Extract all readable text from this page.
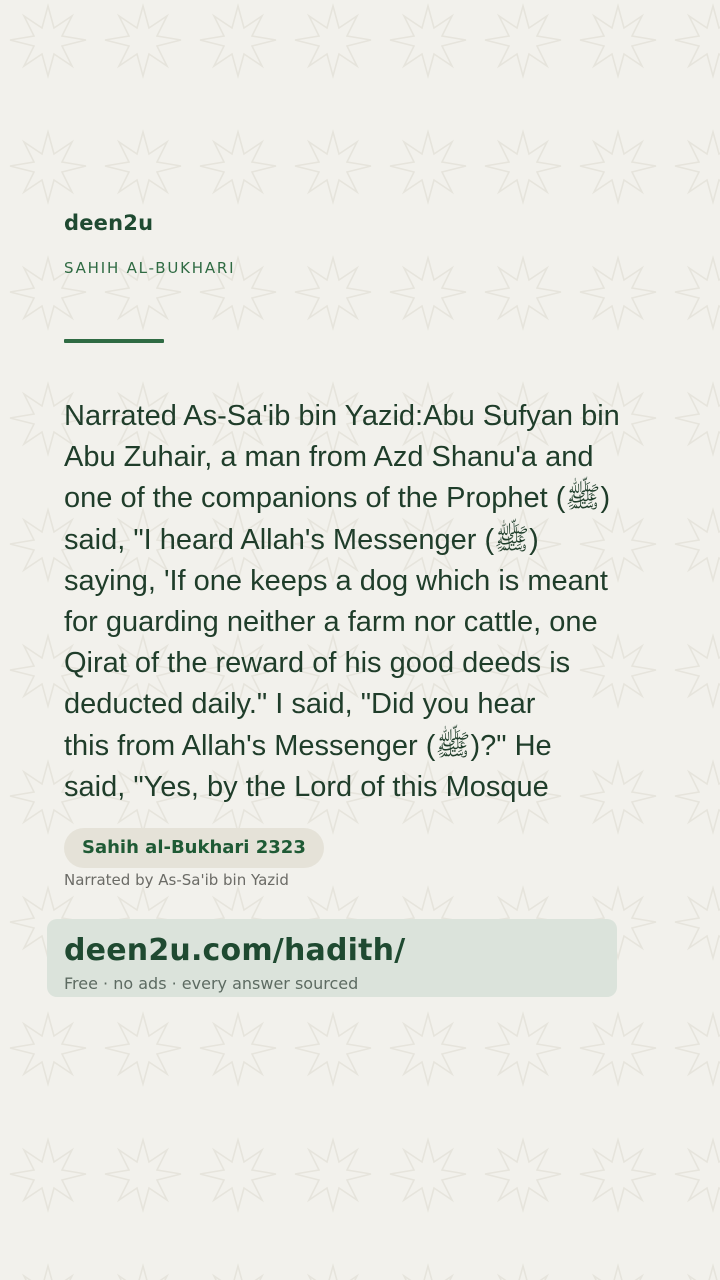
deen2u
SAHIH AL-BUKHARI
Narrated As-Sa'ib bin Yazid:Abu Sufyan bin
Abu Zuhair, a man from Azd Shanu'a and
one of the companions of the Prophet (ﷺ)
said, "I heard Allah's Messenger (ﷺ)
saying, 'If one keeps a dog which is meant
for guarding neither a farm nor cattle, one
Qirat of the reward of his good deeds is
deducted daily." I said, "Did you hear
this from Allah's Messenger (ﷺ)?" He
said, "Yes, by the Lord of this Mosque
Sahih al-Bukhari 2323
Narrated by As-Sa'ib bin Yazid
deen2u.com/hadith/
Free · no ads · every answer sourced
